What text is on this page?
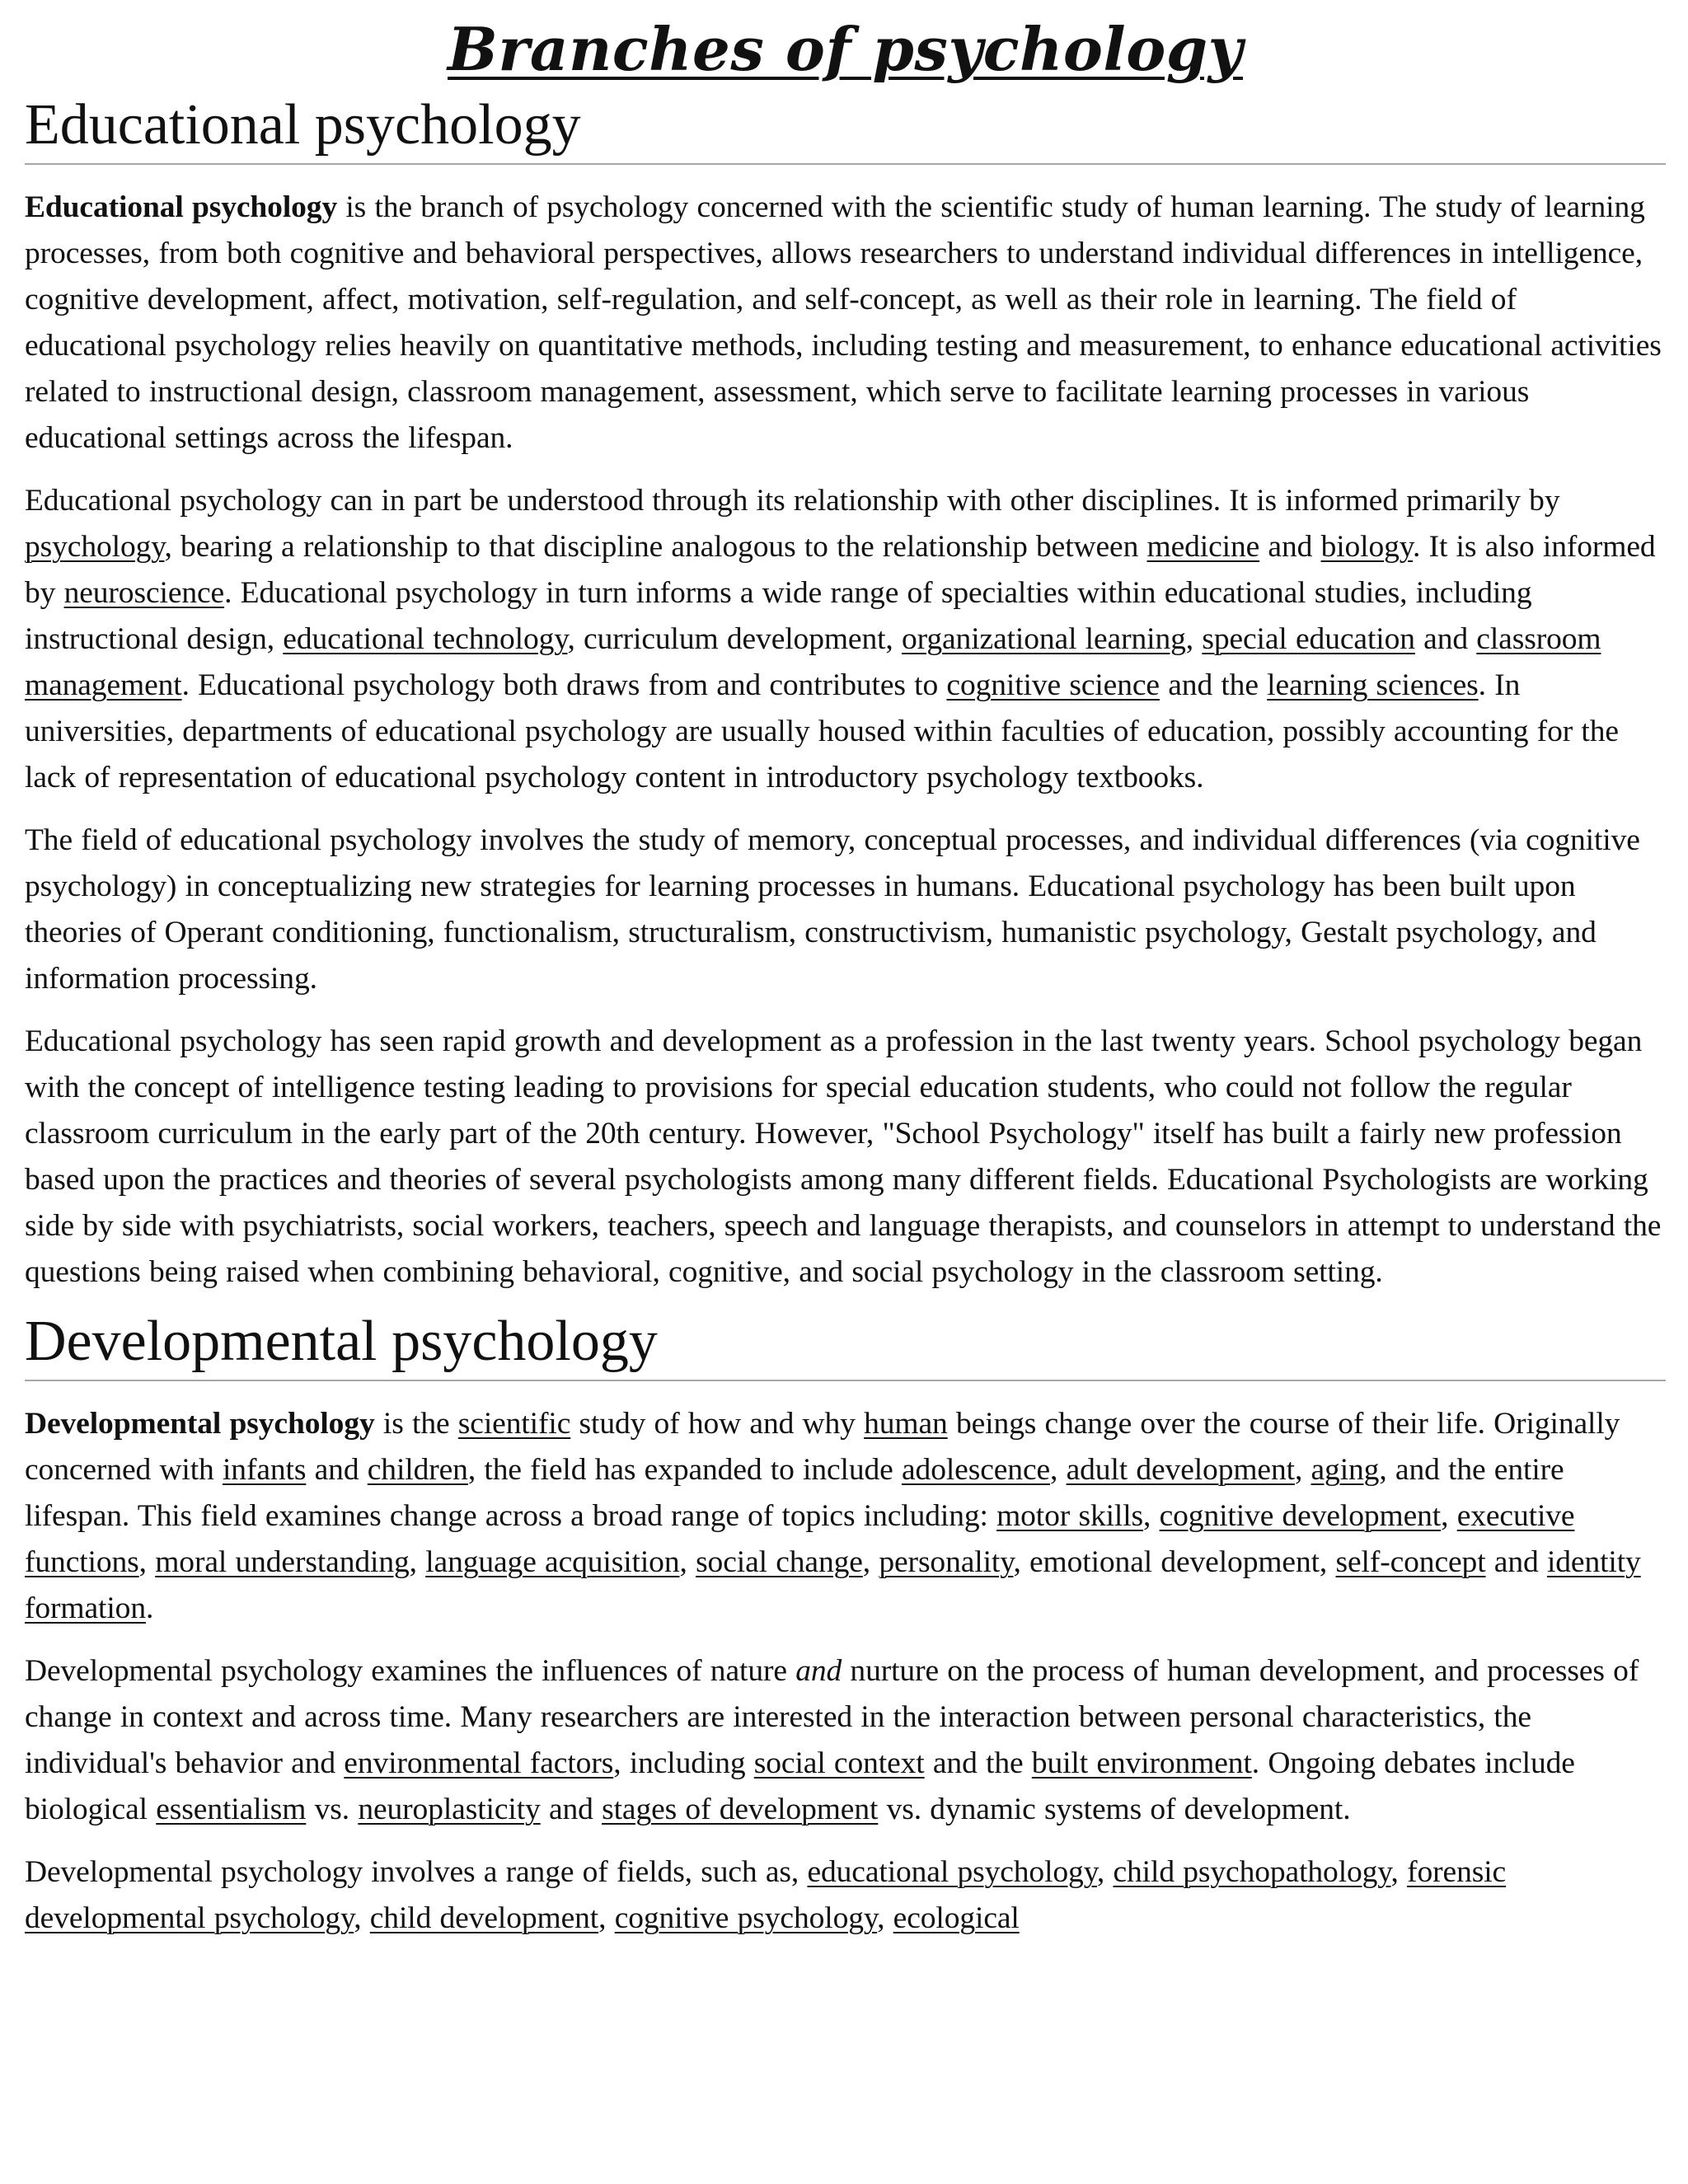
Branches of psychology
Educational psychology

Educational psychology is the branch of psychology concerned with the scientific study of human learning. The study of learning processes, from both cognitive and behavioral perspectives, allows researchers to understand individual differences in intelligence, cognitive development, affect, motivation, self-regulation, and self-concept, as well as their role in learning. The field of educational psychology relies heavily on quantitative methods, including testing and measurement, to enhance educational activities related to instructional design, classroom management, assessment, which serve to facilitate learning processes in various educational settings across the lifespan.

Educational psychology can in part be understood through its relationship with other disciplines. It is informed primarily by psychology, bearing a relationship to that discipline analogous to the relationship between medicine and biology. It is also informed by neuroscience. Educational psychology in turn informs a wide range of specialties within educational studies, including instructional design, educational technology, curriculum development, organizational learning, special education and classroom management. Educational psychology both draws from and contributes to cognitive science and the learning sciences. In universities, departments of educational psychology are usually housed within faculties of education, possibly accounting for the lack of representation of educational psychology content in introductory psychology textbooks.

The field of educational psychology involves the study of memory, conceptual processes, and individual differences (via cognitive psychology) in conceptualizing new strategies for learning processes in humans. Educational psychology has been built upon theories of Operant conditioning, functionalism, structuralism, constructivism, humanistic psychology, Gestalt psychology, and information processing.

Educational psychology has seen rapid growth and development as a profession in the last twenty years. School psychology began with the concept of intelligence testing leading to provisions for special education students, who could not follow the regular classroom curriculum in the early part of the 20th century. However, "School Psychology" itself has built a fairly new profession based upon the practices and theories of several psychologists among many different fields. Educational Psychologists are working side by side with psychiatrists, social workers, teachers, speech and language therapists, and counselors in attempt to understand the questions being raised when combining behavioral, cognitive, and social psychology in the classroom setting.

Developmental psychology

Developmental psychology is the scientific study of how and why human beings change over the course of their life. Originally concerned with infants and children, the field has expanded to include adolescence, adult development, aging, and the entire lifespan. This field examines change across a broad range of topics including: motor skills, cognitive development, executive functions, moral understanding, language acquisition, social change, personality, emotional development, self-concept and identity formation.

Developmental psychology examines the influences of nature and nurture on the process of human development, and processes of change in context and across time. Many researchers are interested in the interaction between personal characteristics, the individual's behavior and environmental factors, including social context and the built environment. Ongoing debates include biological essentialism vs. neuroplasticity and stages of development vs. dynamic systems of development.

Developmental psychology involves a range of fields, such as, educational psychology, child psychopathology, forensic developmental psychology, child development, cognitive psychology, ecological
